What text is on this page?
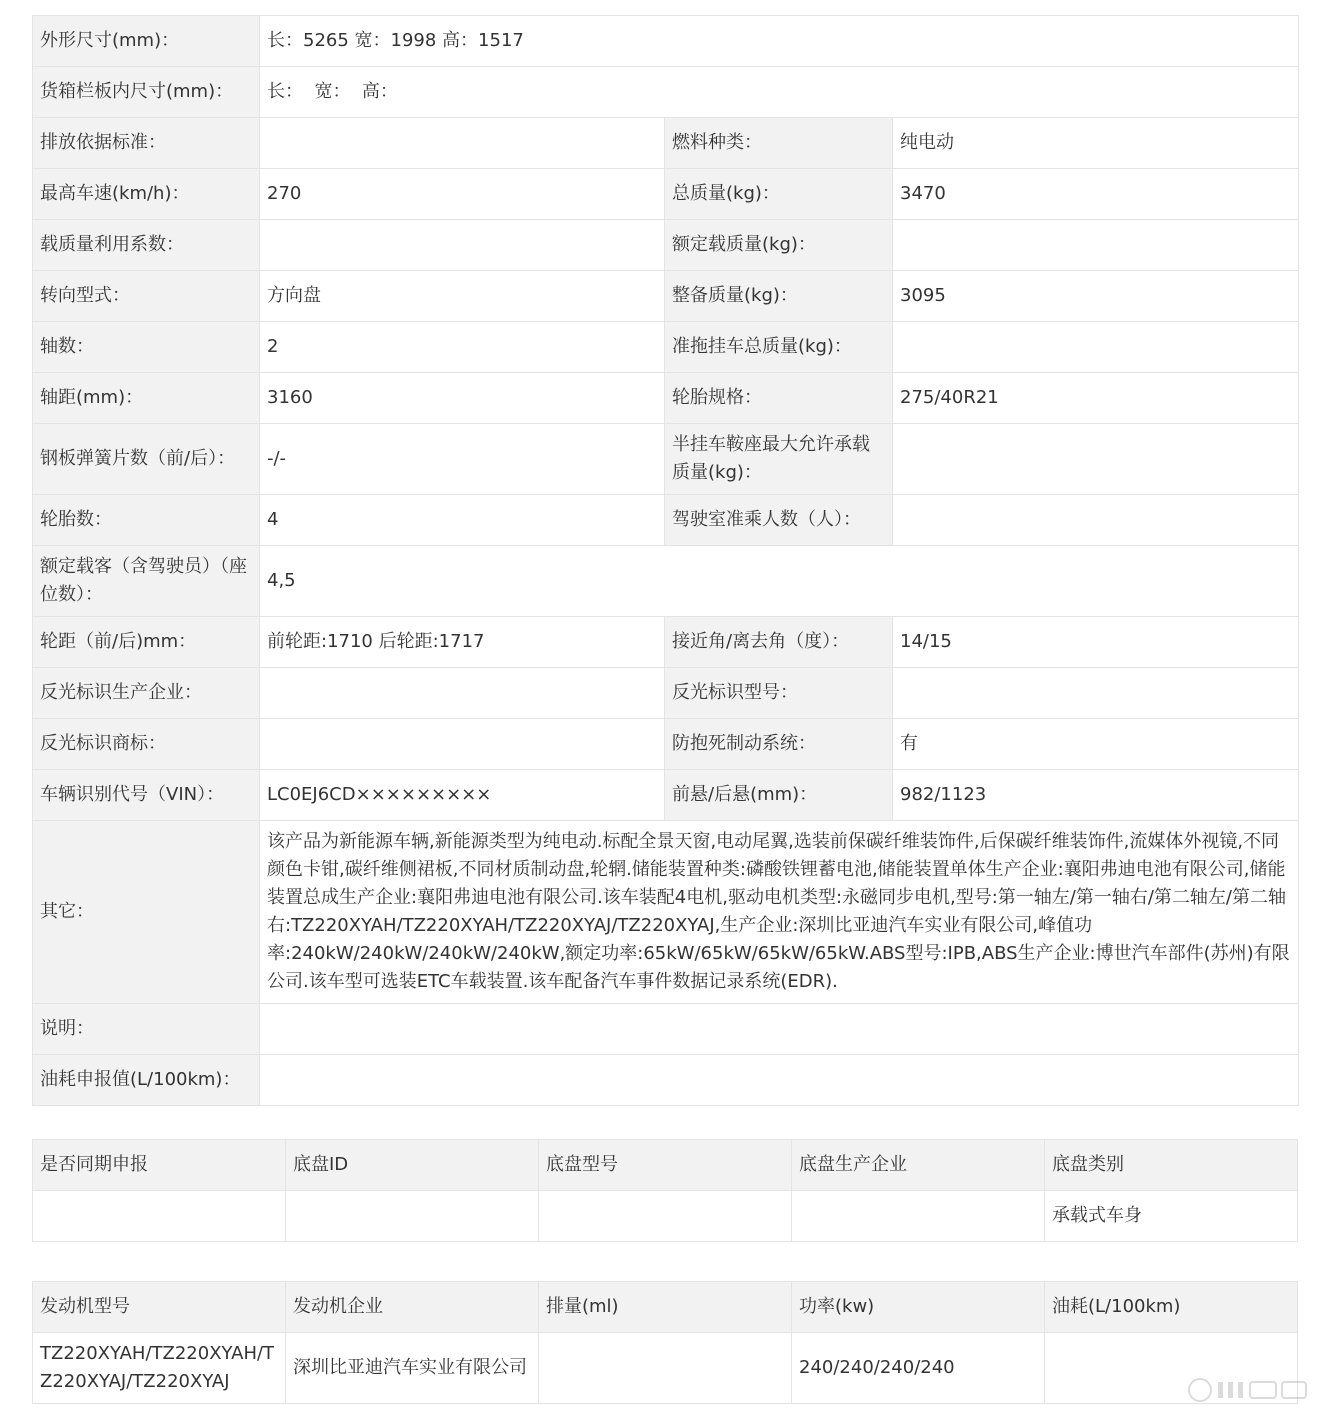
外形尺寸(mm)：	长：5265 宽：1998 高：1517		
货箱栏板内尺寸(mm)：	长：  宽：  高：		
排放依据标准：		燃料种类：	纯电动
最高车速(km/h)：	270	总质量(kg)：	3470
载质量利用系数：		额定载质量(kg)：	
转向型式：	方向盘	整备质量(kg)：	3095
轴数：	2	准拖挂车总质量(kg)：	
轴距(mm)：	3160	轮胎规格：	275/40R21
钢板弹簧片数（前/后）：	-/-	半挂车鞍座最大允许承载质量(kg)：	
轮胎数：	4	驾驶室准乘人数（人）：	
额定载客（含驾驶员）（座位数）：	4,5		
轮距（前/后)mm：	前轮距:1710 后轮距:1717	接近角/离去角（度）：	14/15
反光标识生产企业：		反光标识型号：	
反光标识商标：		防抱死制动系统：	有
车辆识别代号（VIN）：	LC0EJ6CD×××××××××	前悬/后悬(mm)：	982/1123
其它：	该产品为新能源车辆,新能源类型为纯电动.标配全景天窗,电动尾翼,选装前保碳纤维装饰件,后保碳纤维装饰件,流媒体外视镜,不同颜色卡钳,碳纤维侧裙板,不同材质制动盘,轮辋.储能装置种类:磷酸铁锂蓄电池,储能装置单体生产企业:襄阳弗迪电池有限公司,储能装置总成生产企业:襄阳弗迪电池有限公司.该车装配4电机,驱动电机类型:永磁同步电机,型号:第一轴左/第一轴右/第二轴左/第二轴右:TZ220XYAH/TZ220XYAH/TZ220XYAJ/TZ220XYAJ,生产企业:深圳比亚迪汽车实业有限公司,峰值功率:240kW/240kW/240kW/240kW,额定功率:65kW/65kW/65kW/65kW.ABS型号:IPB,ABS生产企业:博世汽车部件(苏州)有限公司.该车型可选装ETC车载装置.该车配备汽车事件数据记录系统(EDR).		
说明：			
油耗申报值(L/100km)：			
是否同期申报	底盘ID	底盘型号	底盘生产企业	底盘类别
				承载式车身
发动机型号	发动机企业	排量(ml)	功率(kw)	油耗(L/100km)
TZ220XYAH/TZ220XYAH/TZ220XYAJ/TZ220XYAJ	深圳比亚迪汽车实业有限公司		240/240/240/240	
